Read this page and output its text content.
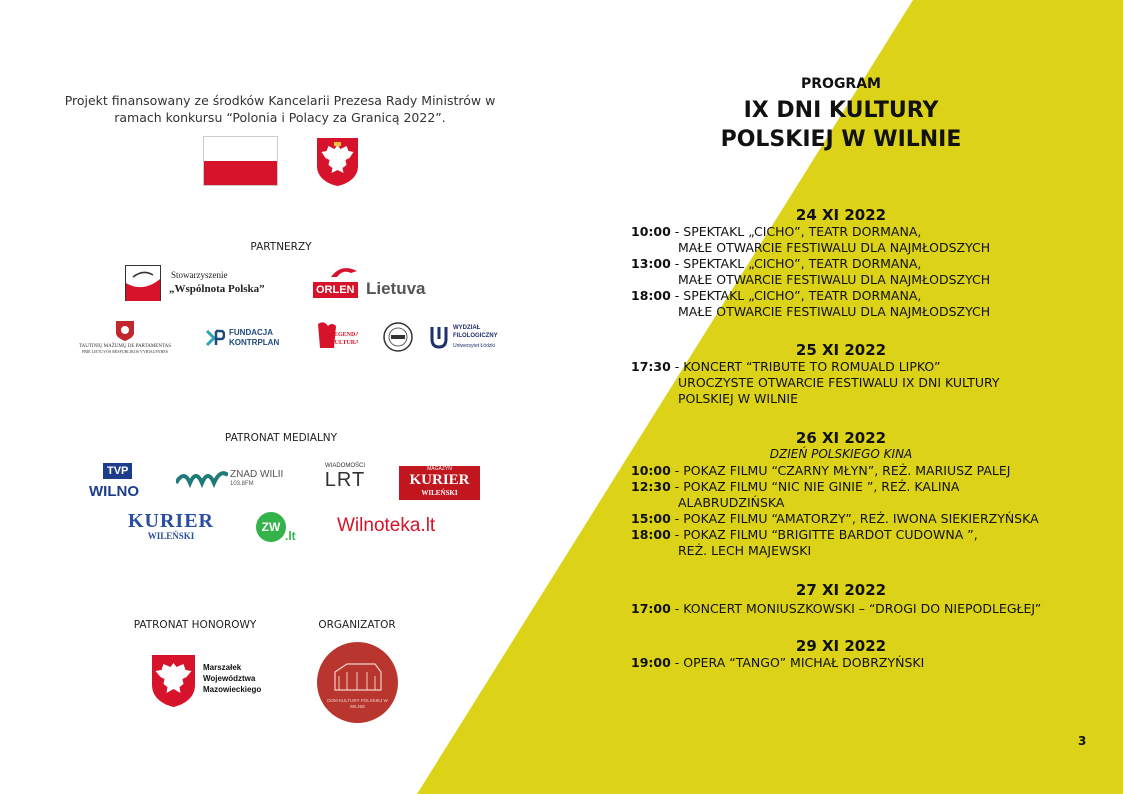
Projekt finansowany ze środków Kancelarii Prezesa Rady Ministrów w ramach konkursu “Polonia i Polacy za Granicą 2022”.
PARTNERZY
Stowarzyszenie
„Wspólnota Polska”	ORLEN Lietuva
TAUTINIŲ MAŽUMŲ DE PARTAMENTAS
PRIE LIETUVOS RESPUBLIKOS VYRIAUSYBĖS
FUNDACJA
KONTRPLAN
LEGENDA
KULTURA
WYDZIAŁ
FILOLOGICZNY
Uniwersytet Łódzki
PATRONAT MEDIALNY
TVP
WILNO
ZNAD WILII
103.8FM
WIADOMOŚCI
LRT	MAGAZYN
KURIER
WILEŃSKI
KURIER
WILEŃSKI
ZW
.lt Wilnoteka.lt
PATRONAT HONOROWY	ORGANIZATOR
Marszałek
Województwa
Mazowieckiego
DOM KULTURY POLSKIEJ W WILNIE
PROGRAM
IX DNI KULTURY
POLSKIEJ W WILNIE
24 XI 2022
10:00 - SPEKTAKL „CICHO”, TEATR DORMANA,
MAŁE OTWARCIE FESTIWALU DLA NAJMŁODSZYCH
13:00 - SPEKTAKL „CICHO”, TEATR DORMANA,
MAŁE OTWARCIE FESTIWALU DLA NAJMŁODSZYCH
18:00 - SPEKTAKL „CICHO”, TEATR DORMANA,
MAŁE OTWARCIE FESTIWALU DLA NAJMŁODSZYCH
25 XI 2022
17:30 - KONCERT “TRIBUTE TO ROMUALD LIPKO”
UROCZYSTE OTWARCIE FESTIWALU IX DNI KULTURY
POLSKIEJ W WILNIE
26 XI 2022
DZIEŃ POLSKIEGO KINA
10:00 - POKAZ FILMU “CZARNY MŁYN”, REŻ. MARIUSZ PALEJ
12:30 - POKAZ FILMU “NIC NIE GINIE ”, REŻ. KALINA
ALABRUDZIŃSKA
15:00 - POKAZ FILMU “AMATORZY”, REŻ. IWONA SIEKIERZYŃSKA
18:00 - POKAZ FILMU “BRIGITTE BARDOT CUDOWNA ”,
REŻ. LECH MAJEWSKI
27 XI 2022
17:00 - KONCERT MONIUSZKOWSKI – “DROGI DO NIEPODLEGŁEJ”
29 XI 2022
19:00 - OPERA “TANGO” MICHAŁ DOBRZYŃSKI
3
